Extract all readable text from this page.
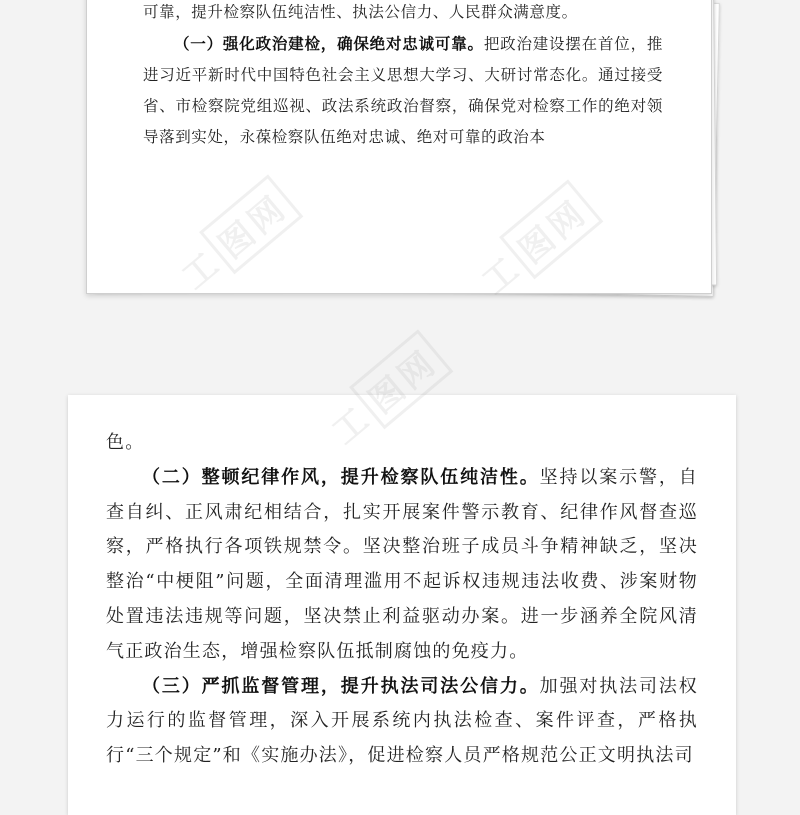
可靠，提升检察队伍纯洁性、执法公信力、人民群众满意度。

（一）强化政治建检，确保绝对忠诚可靠。把政治建设摆在首位，推进习近平新时代中国特色社会主义思想大学习、大研讨常态化。通过接受省、市检察院党组巡视、政法系统政治督察，确保党对检察工作的绝对领导落到实处，永葆检察队伍绝对忠诚、绝对可靠的政治本

色。

（二）整顿纪律作风，提升检察队伍纯洁性。坚持以案示警，自查自纠、正风肃纪相结合，扎实开展案件警示教育、纪律作风督查巡察，严格执行各项铁规禁令。坚决整治班子成员斗争精神缺乏，坚决整治“中梗阻”问题，全面清理滥用不起诉权违规违法收费、涉案财物处置违法违规等问题，坚决禁止利益驱动办案。进一步涵养全院风清气正政治生态，增强检察队伍抵制腐蚀的免疫力。

（三）严抓监督管理，提升执法司法公信力。加强对执法司法权力运行的监督管理，深入开展系统内执法检查、案件评查，严格执行“三个规定”和《实施办法》，促进检察人员严格规范公正文明执法司

图网
